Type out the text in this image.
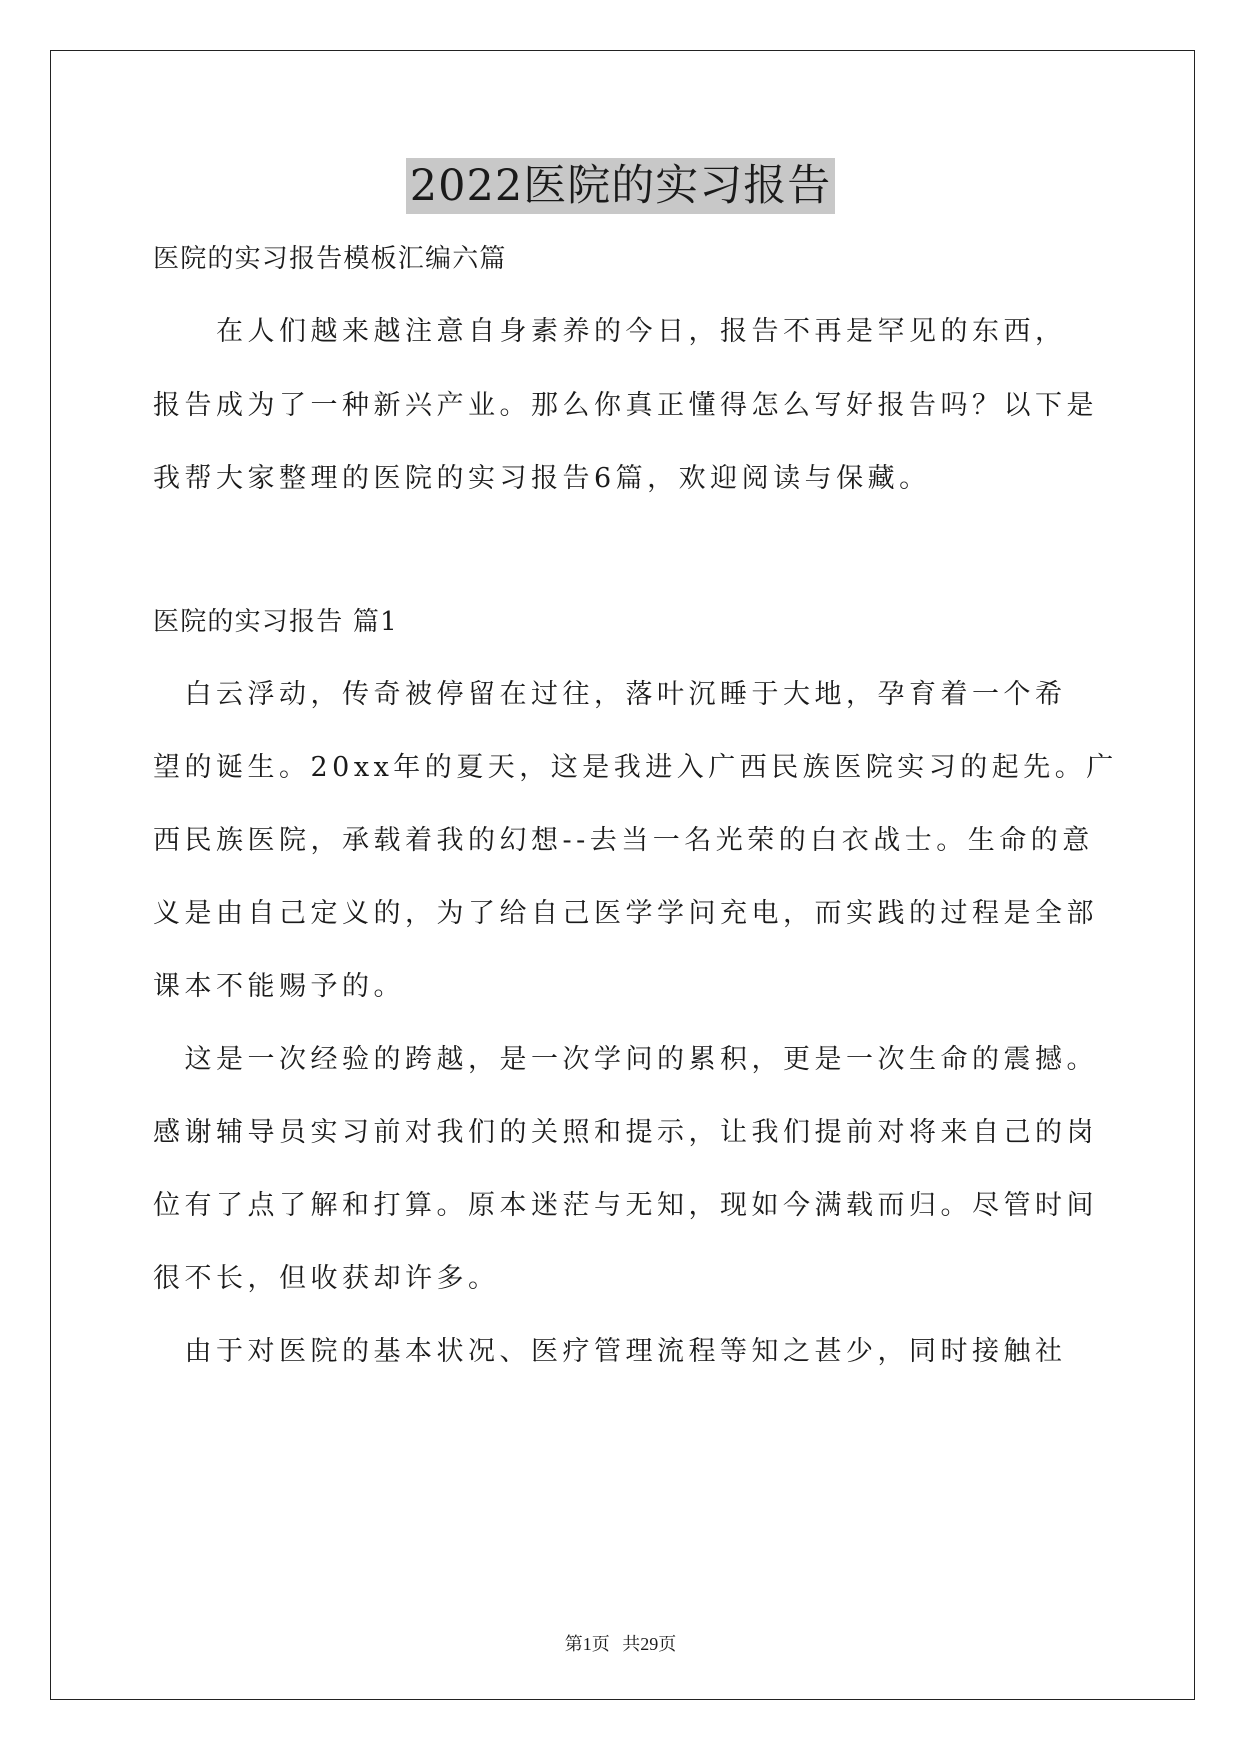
2022医院的实习报告
医院的实习报告模板汇编六篇
　　在人们越来越注意自身素养的今日，报告不再是罕见的东西，
报告成为了一种新兴产业。那么你真正懂得怎么写好报告吗？以下是
我帮大家整理的医院的实习报告6篇，欢迎阅读与保藏。
医院的实习报告 篇1
　白云浮动，传奇被停留在过往，落叶沉睡于大地，孕育着一个希
望的诞生。20xx年的夏天，这是我进入广西民族医院实习的起先。广
西民族医院，承载着我的幻想--去当一名光荣的白衣战士。生命的意
义是由自己定义的，为了给自己医学学问充电，而实践的过程是全部
课本不能赐予的。
　这是一次经验的跨越，是一次学问的累积，更是一次生命的震撼。
感谢辅导员实习前对我们的关照和提示，让我们提前对将来自己的岗
位有了点了解和打算。原本迷茫与无知，现如今满载而归。尽管时间
很不长，但收获却许多。
　由于对医院的基本状况、医疗管理流程等知之甚少，同时接触社
第1页 共29页
